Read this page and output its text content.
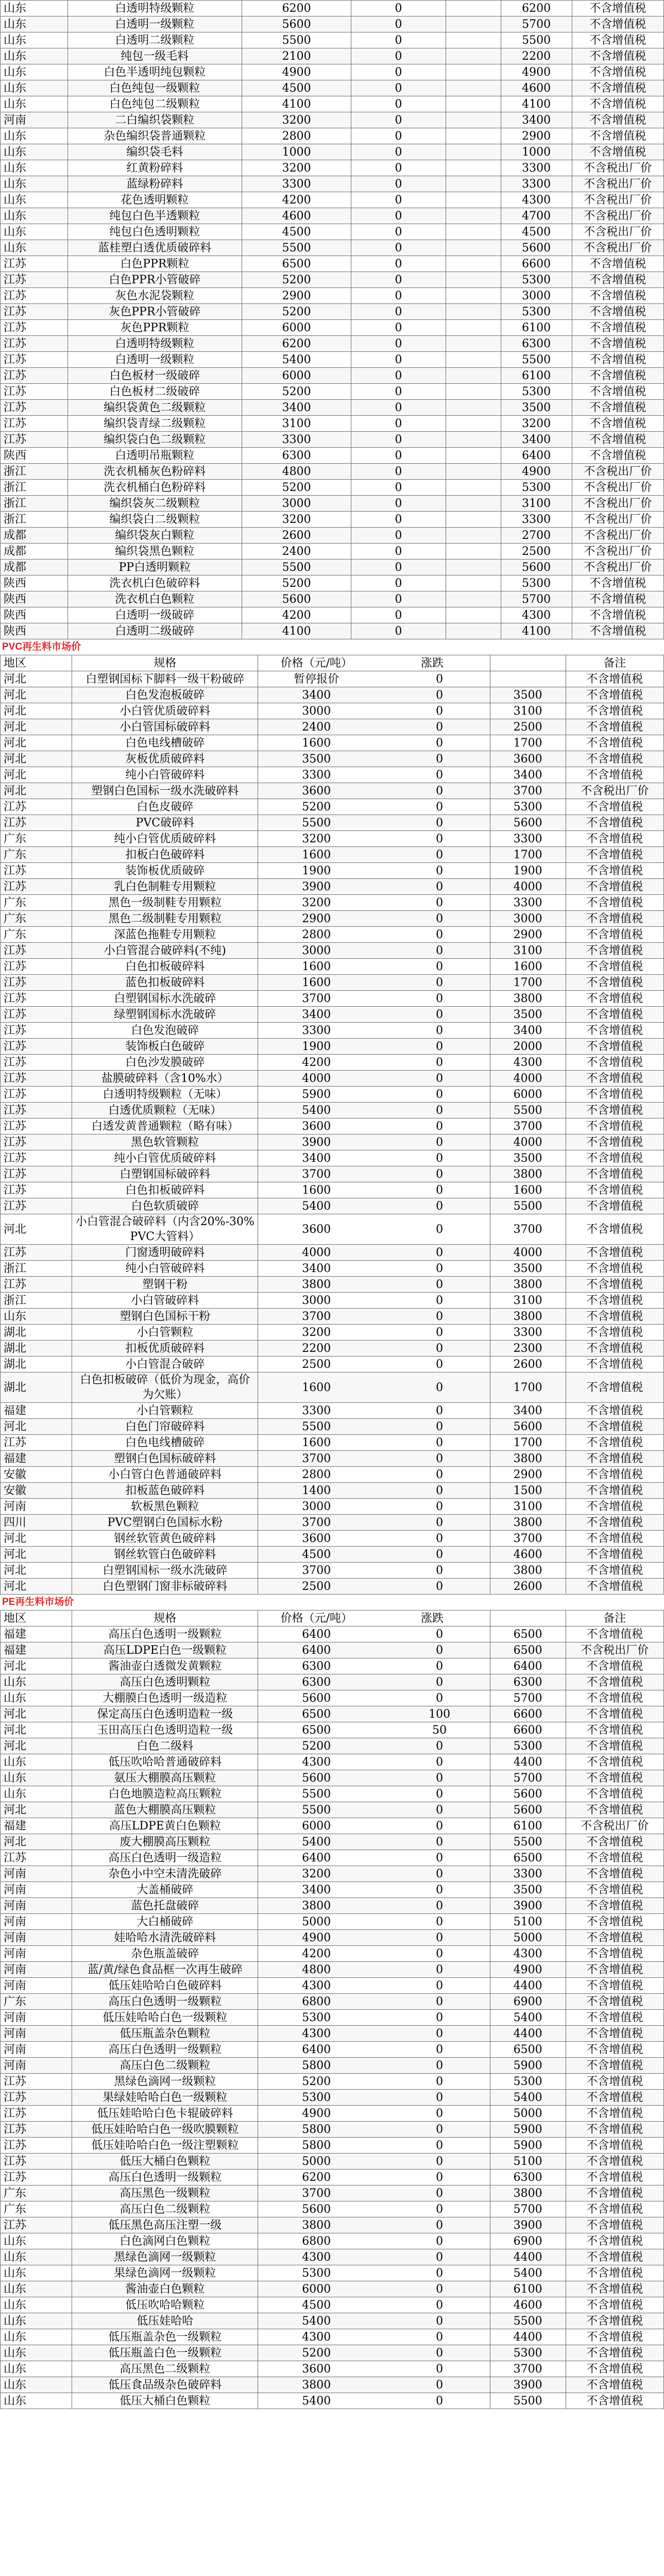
山东	白透明特级颗粒	6200	0		6200	不含增值税
山东	白透明一级颗粒	5600	0		5700	不含增值税
山东	白透明二级颗粒	5500	0		5500	不含增值税
山东	纯包一级毛料	2100	0		2200	不含增值税
山东	白色半透明纯包颗粒	4900	0		4900	不含增值税
山东	白色纯包一级颗粒	4500	0		4600	不含增值税
山东	白色纯包二级颗粒	4100	0		4100	不含增值税
河南	二白编织袋颗粒	3200	0		3400	不含增值税
山东	杂色编织袋普通颗粒	2800	0		2900	不含增值税
山东	编织袋毛料	1000	0		1000	不含增值税
山东	红黄粉碎料	3200	0		3300	不含税出厂价
山东	蓝绿粉碎料	3300	0		3300	不含税出厂价
山东	花色透明颗粒	4200	0		4300	不含税出厂价
山东	纯包白色半透颗粒	4600	0		4700	不含税出厂价
山东	纯包白色透明颗粒	4500	0		4500	不含税出厂价
山东	蓝桂塑白透优质破碎料	5500	0		5600	不含税出厂价
江苏	白色PPR颗粒	6500	0		6600	不含增值税
江苏	白色PPR小管破碎	5200	0		5300	不含增值税
江苏	灰色水泥袋颗粒	2900	0		3000	不含增值税
江苏	灰色PPR小管破碎	5200	0		5300	不含增值税
江苏	灰色PPR颗粒	6000	0		6100	不含增值税
江苏	白透明特级颗粒	6200	0		6300	不含增值税
江苏	白透明一级颗粒	5400	0		5500	不含增值税
江苏	白色板材一级破碎	6000	0		6100	不含增值税
江苏	白色板材二级破碎	5200	0		5300	不含增值税
江苏	编织袋黄色二级颗粒	3400	0		3500	不含增值税
江苏	编织袋青绿二级颗粒	3100	0		3200	不含增值税
江苏	编织袋白色二级颗粒	3300	0		3400	不含增值税
陕西	白透明吊瓶颗粒	6300	0		6400	不含增值税
浙江	洗衣机桶灰色粉碎料	4800	0		4900	不含税出厂价
浙江	洗衣机桶白色粉碎料	5200	0		5300	不含税出厂价
浙江	编织袋灰二级颗粒	3000	0		3100	不含税出厂价
浙江	编织袋白二级颗粒	3200	0		3300	不含税出厂价
成都	编织袋灰白颗粒	2600	0		2700	不含税出厂价
成都	编织袋黑色颗粒	2400	0		2500	不含税出厂价
成都	PP白透明颗粒	5500	0		5600	不含税出厂价
陕西	洗衣机白色破碎料	5200	0		5300	不含增值税
陕西	洗衣机白色颗粒	5600	0		5700	不含增值税
陕西	白透明一级破碎	4200	0		4300	不含增值税
陕西	白透明二级破碎	4100	0		4100	不含增值税
PVC再生料市场价
地区	规格	价格（元/吨）	涨跌			备注
河北	白塑钢国标下脚料一级干粉破碎	暂停报价		0		不含增值税
河北	白色发泡板破碎	3400		0	3500	不含增值税
河北	小白管优质破碎料	3000		0	3100	不含增值税
河北	小白管国标破碎料	2400		0	2500	不含增值税
河北	白色电线槽破碎	1600		0	1700	不含增值税
河北	灰板优质破碎料	3500		0	3600	不含增值税
河北	纯小白管破碎料	3300		0	3400	不含增值税
河北	塑钢白色国标一级水洗破碎料	3600		0	3700	不含税出厂价
江苏	白色皮破碎	5200		0	5300	不含增值税
江苏	PVC破碎料	5500		0	5600	不含增值税
广东	纯小白管优质破碎料	3200		0	3300	不含增值税
广东	扣板白色破碎料	1600		0	1700	不含增值税
江苏	装饰板优质破碎	1900		0	1900	不含增值税
江苏	乳白色制鞋专用颗粒	3900		0	4000	不含增值税
广东	黑色一级制鞋专用颗粒	3200		0	3300	不含增值税
广东	黑色二级制鞋专用颗粒	2900		0	3000	不含增值税
广东	深蓝色拖鞋专用颗粒	2800		0	2900	不含增值税
江苏	小白管混合破碎料(不纯)	3000		0	3100	不含增值税
江苏	白色扣板破碎料	1600		0	1600	不含增值税
江苏	蓝色扣板破碎料	1600		0	1700	不含增值税
江苏	白塑钢国标水洗破碎	3700		0	3800	不含增值税
江苏	绿塑钢国标水洗破碎	3400		0	3500	不含增值税
江苏	白色发泡破碎	3300		0	3400	不含增值税
江苏	装饰板白色破碎	1900		0	2000	不含增值税
江苏	白色沙发膜破碎	4200		0	4300	不含增值税
江苏	盐膜破碎料（含10%水）	4000		0	4000	不含增值税
江苏	白透明特级颗粒（无味）	5900		0	6000	不含增值税
江苏	白透优质颗粒（无味）	5400		0	5500	不含增值税
江苏	白透发黄普通颗粒（略有味）	3600		0	3700	不含增值税
江苏	黑色软管颗粒	3900		0	4000	不含增值税
江苏	纯小白管优质破碎料	3400		0	3500	不含增值税
江苏	白塑钢国标破碎料	3700		0	3800	不含增值税
江苏	白色扣板破碎料	1600		0	1600	不含增值税
江苏	白色软质破碎	5400		0	5500	不含增值税
河北	小白管混合破碎料（内含20%-30%PVC大管料）	3600		0	3700	不含增值税
江苏	门窗透明破碎料	4000		0	4000	不含增值税
浙江	纯小白管破碎料	3400		0	3500	不含增值税
江苏	塑钢干粉	3800		0	3800	不含增值税
浙江	小白管破碎料	3000		0	3100	不含增值税
山东	塑钢白色国标干粉	3700		0	3800	不含增值税
湖北	小白管颗粒	3200		0	3300	不含增值税
湖北	扣板优质破碎料	2200		0	2300	不含增值税
湖北	小白管混合破碎	2500		0	2600	不含增值税
湖北	白色扣板破碎（低价为现金，高价为欠账）	1600		0	1700	不含增值税
福建	小白管颗粒	3300		0	3400	不含增值税
河北	白色门帘破碎料	5500		0	5600	不含增值税
江苏	白色电线槽破碎	1600		0	1700	不含增值税
福建	塑钢白色国标破碎料	3700		0	3800	不含增值税
安徽	小白管白色普通破碎料	2800		0	2900	不含增值税
安徽	扣板蓝色破碎料	1400		0	1500	不含增值税
河南	软板黑色颗粒	3000		0	3100	不含增值税
四川	PVC塑钢白色国标水粉	3700		0	3800	不含增值税
河北	钢丝软管黄色破碎料	3600		0	3700	不含增值税
河北	钢丝软管白色破碎料	4500		0	4600	不含增值税
河北	白塑钢国标一级水洗破碎	3700		0	3800	不含增值税
河北	白色塑钢门窗非标破碎料	2500		0	2600	不含增值税
PE再生料市场价
地区	规格	价格（元/吨）	涨跌			备注
福建	高压白色透明一级颗粒	6400		0	6500	不含增值税
福建	高压LDPE白色一级颗粒	6400		0	6500	不含税出厂价
河北	酱油壶白透微发黄颗粒	6300		0	6400	不含增值税
山东	高压白色透明颗粒	6300		0	6300	不含增值税
山东	大棚膜白色透明一级造粒	5600		0	5700	不含增值税
河北	保定高压白色透明造粒一级	6500		100	6600	不含增值税
河北	玉田高压白色透明造粒一级	6500		50	6600	不含增值税
河北	白色二级料	5200		0	5300	不含增值税
山东	低压吹哈哈普通破碎料	4300		0	4400	不含增值税
山东	氨压大棚膜高压颗粒	5600		0	5700	不含增值税
山东	白色地膜造粒高压颗粒	5500		0	5600	不含增值税
河北	蓝色大棚膜高压颗粒	5500		0	5600	不含增值税
福建	高压LDPE黄白色颗粒	6000		0	6100	不含税出厂价
河北	废大棚膜高压颗粒	5400		0	5500	不含增值税
江苏	高压白色透明一级造粒	6400		0	6500	不含增值税
河南	杂色小中空未清洗破碎	3200		0	3300	不含增值税
河南	大盖桶破碎	3400		0	3500	不含增值税
河南	蓝色托盘破碎	3800		0	3900	不含增值税
河南	大白桶破碎	5000		0	5100	不含增值税
河南	娃哈哈水清洗破碎料	4900		0	5000	不含增值税
河南	杂色瓶盖破碎	4200		0	4300	不含增值税
河南	蓝/黄/绿色食品框一次再生破碎	4800		0	4900	不含增值税
河南	低压娃哈哈白色破碎料	4300		0	4400	不含增值税
广东	高压白色透明一级颗粒	6800		0	6900	不含增值税
河南	低压娃哈哈白色一级颗粒	5300		0	5400	不含增值税
河南	低压瓶盖杂色颗粒	4300		0	4400	不含增值税
河南	高压白色透明一级颗粒	6400		0	6500	不含增值税
河南	高压白色二级颗粒	5800		0	5900	不含增值税
江苏	黑绿色滴网一级颗粒	5200		0	5300	不含增值税
江苏	果绿娃哈哈白色一级颗粒	5300		0	5400	不含增值税
江苏	低压娃哈哈白色卡辊破碎料	4900		0	5000	不含增值税
江苏	低压娃哈哈白色一级吹膜颗粒	5800		0	5900	不含增值税
江苏	低压娃哈哈白色一级注塑颗粒	5800		0	5900	不含增值税
江苏	低压大桶白色颗粒	5000		0	5100	不含增值税
江苏	高压白色透明一级颗粒	6200		0	6300	不含增值税
广东	高压黑色一级颗粒	3700		0	3800	不含增值税
广东	高压白色二级颗粒	5600		0	5700	不含增值税
江苏	低压黑色高压注塑一级	3800		0	3900	不含增值税
山东	白色滴网白色颗粒	6800		0	6900	不含增值税
山东	黑绿色滴网一级颗粒	4300		0	4400	不含增值税
山东	果绿色滴网一级颗粒	5300		0	5400	不含增值税
山东	酱油壶白色颗粒	6000		0	6100	不含增值税
山东	低压吹哈哈颗粒	4500		0	4600	不含增值税
山东	低压娃哈哈	5400		0	5500	不含增值税
山东	低压瓶盖杂色一级颗粒	4300		0	4400	不含增值税
山东	低压瓶盖白色一级颗粒	5200		0	5300	不含增值税
山东	高压黑色二级颗粒	3600		0	3700	不含增值税
山东	低压食品级杂色破碎料	3800		0	3900	不含增值税
山东	低压大桶白色颗粒	5400		0	5500	不含增值税
